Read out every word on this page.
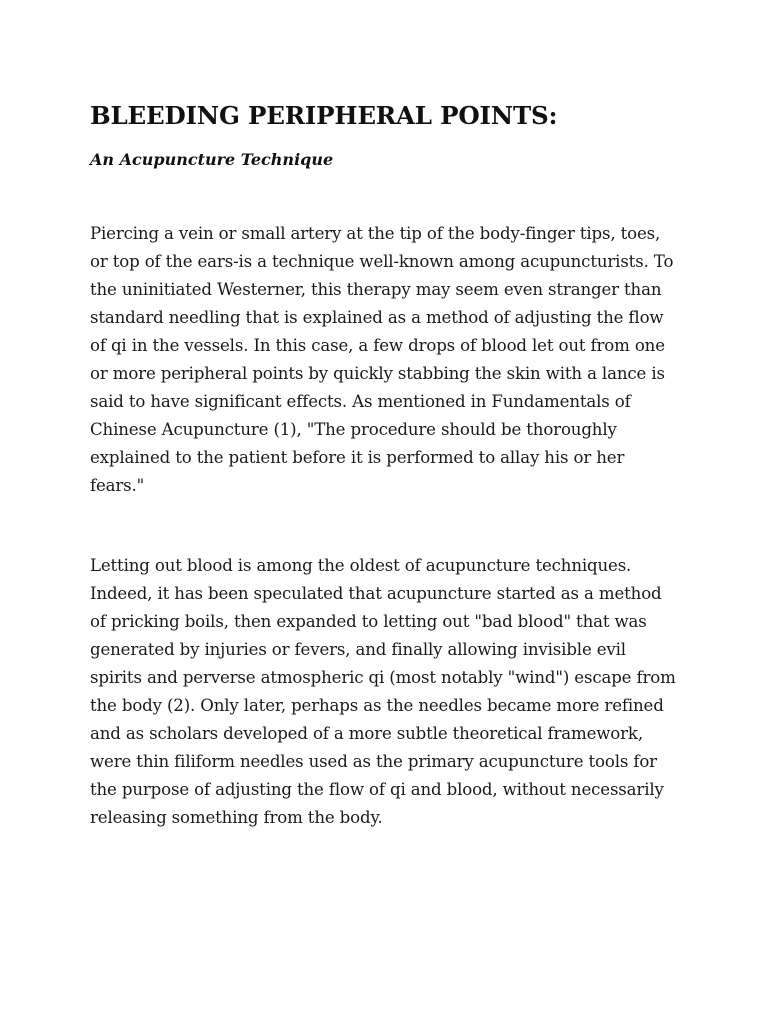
BLEEDING PERIPHERAL POINTS:
An Acupuncture Technique

Piercing a vein or small artery at the tip of the body-finger tips, toes, or top of the ears-is a technique well-known among acupuncturists. To the uninitiated Westerner, this therapy may seem even stranger than standard needling that is explained as a method of adjusting the flow of qi in the vessels. In this case, a few drops of blood let out from one or more peripheral points by quickly stabbing the skin with a lance is said to have significant effects. As mentioned in Fundamentals of Chinese Acupuncture (1), "The procedure should be thoroughly explained to the patient before it is performed to allay his or her fears."

Letting out blood is among the oldest of acupuncture techniques. Indeed, it has been speculated that acupuncture started as a method of pricking boils, then expanded to letting out "bad blood" that was generated by injuries or fevers, and finally allowing invisible evil spirits and perverse atmospheric qi (most notably "wind") escape from the body (2). Only later, perhaps as the needles became more refined and as scholars developed of a more subtle theoretical framework, were thin filiform needles used as the primary acupuncture tools for the purpose of adjusting the flow of qi and blood, without necessarily releasing something from the body.
